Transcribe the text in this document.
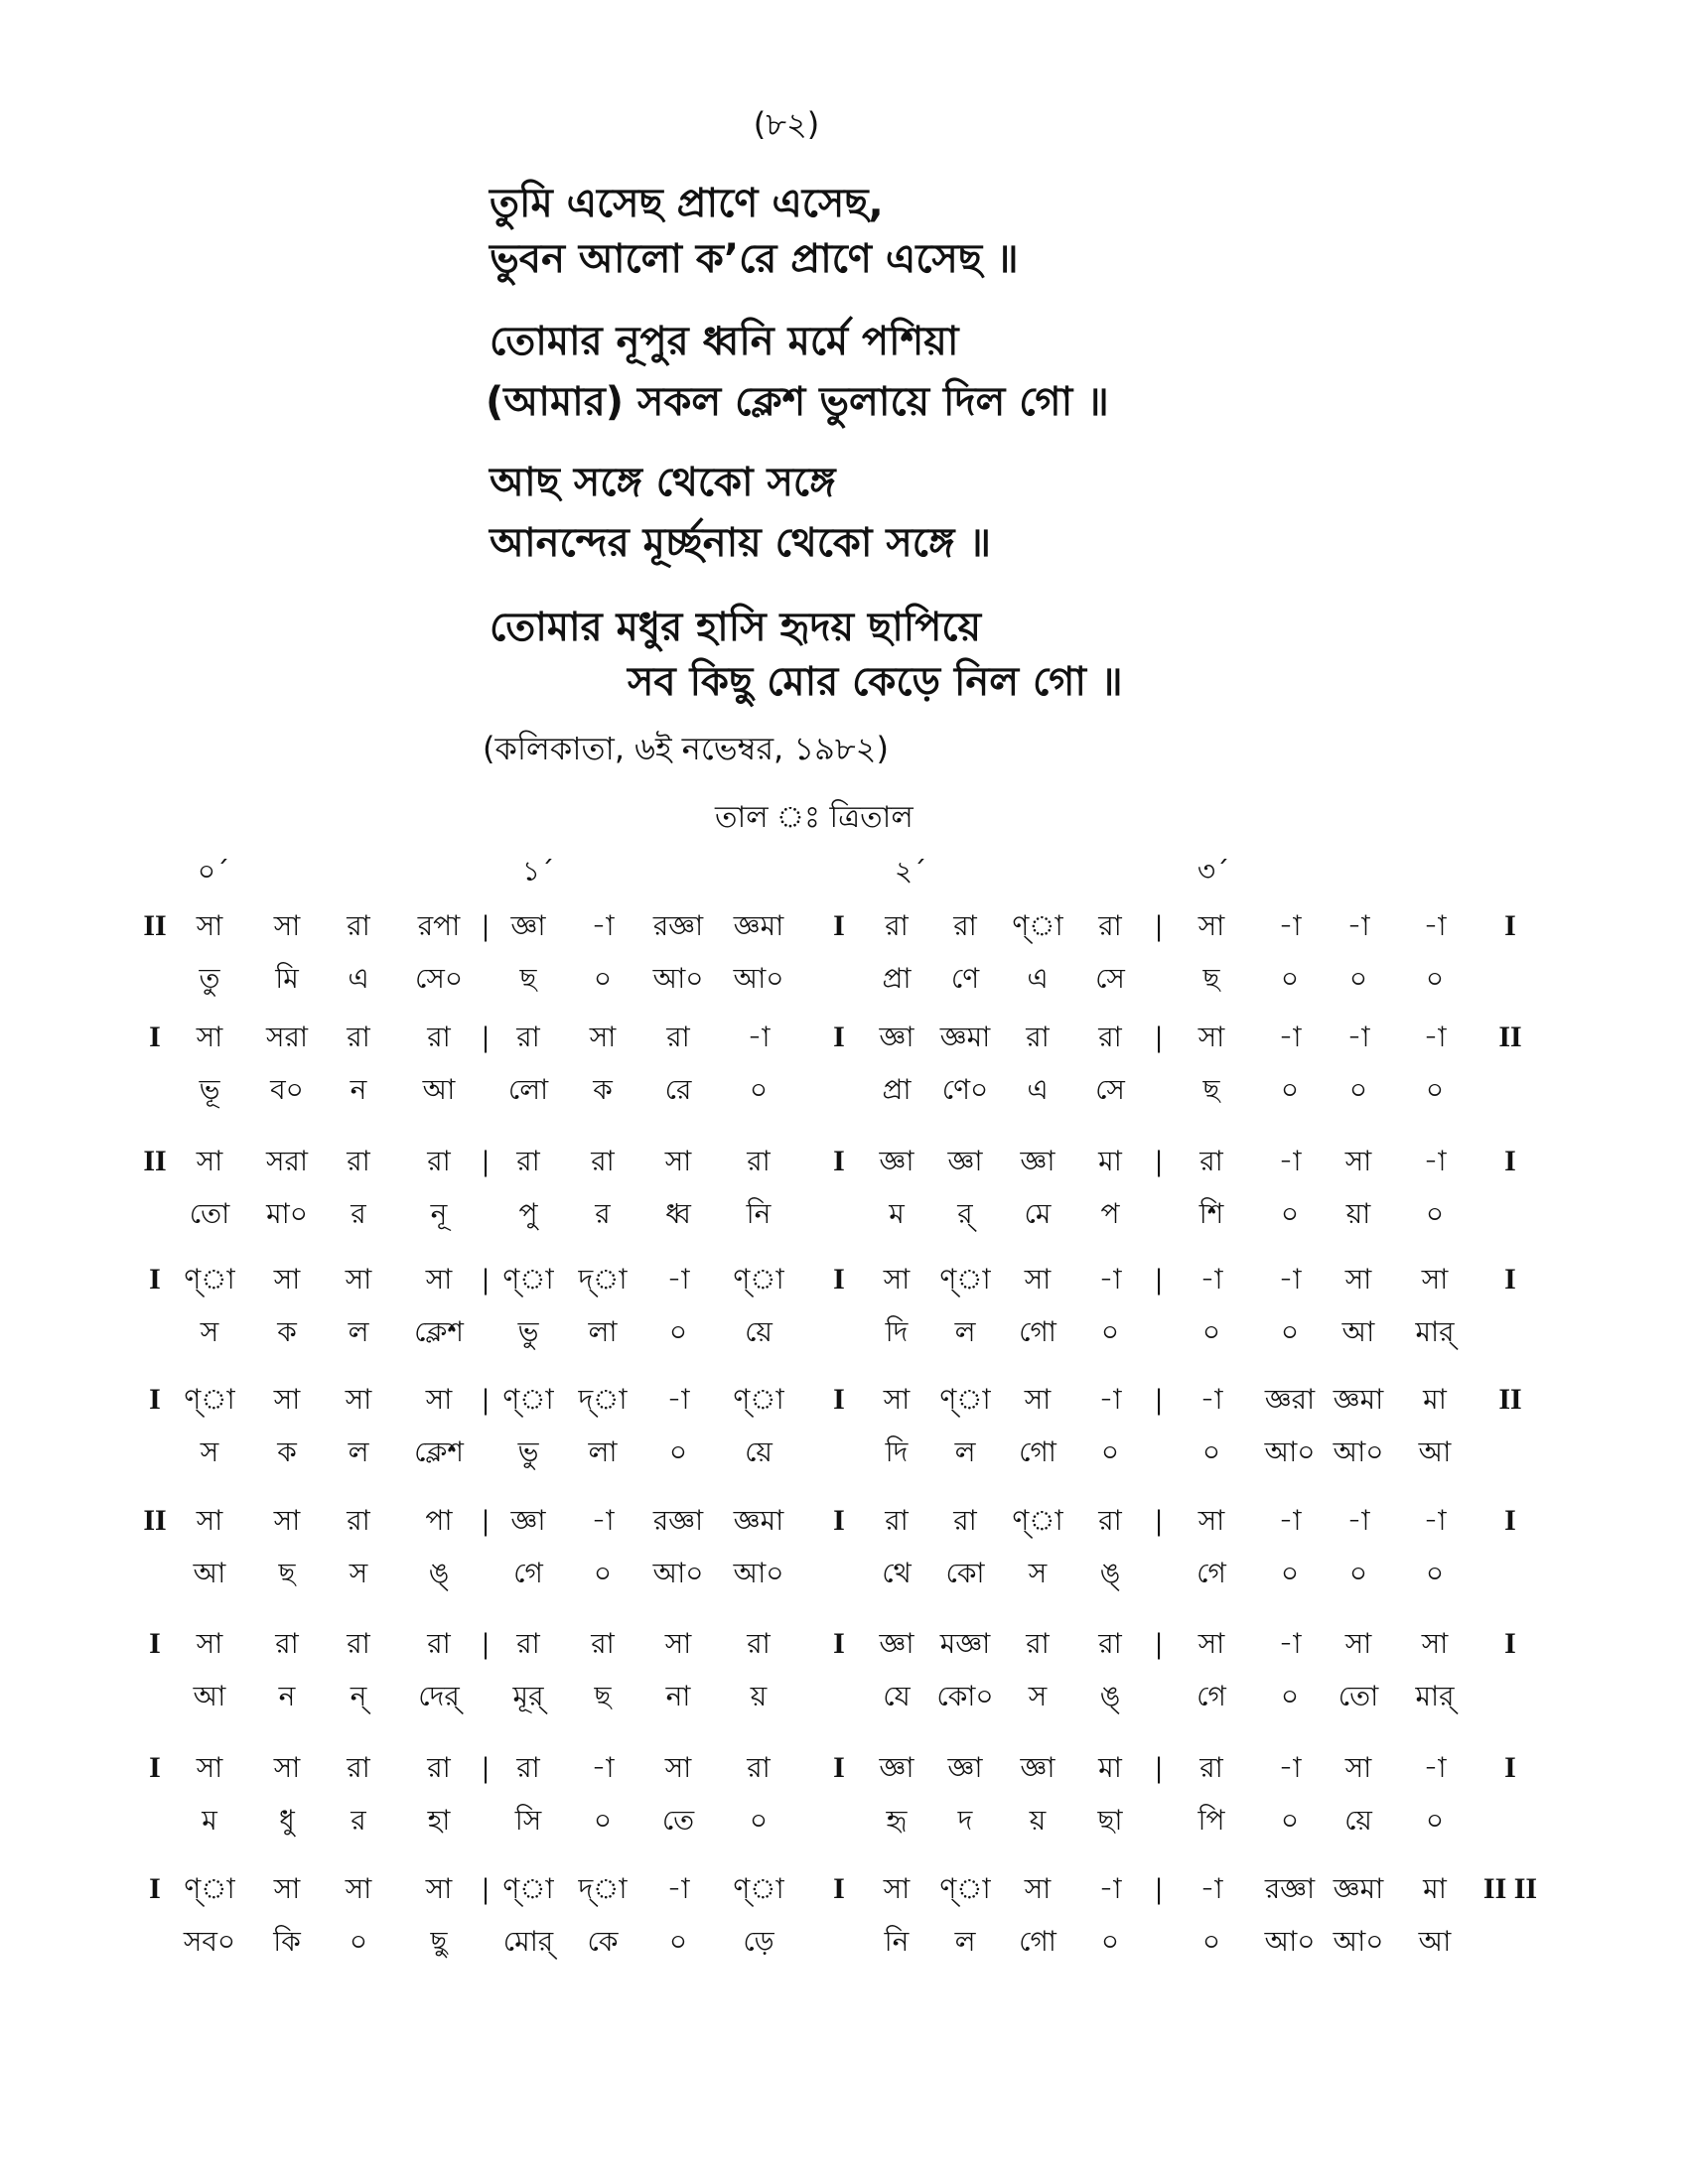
(৮২)
তুমি এসেছ প্রাণে এসেছ,
ভুবন আলো ক’রে প্রাণে এসেছ ॥
তোমার নূপুর ধ্বনি মর্মে পশিয়া
(আমার) সকল ক্লেশ ভুলায়ে দিল গো ॥
আছ সঙ্গে থেকো সঙ্গে
আনন্দের মূর্চ্ছনায় থেকো সঙ্গে ॥
তোমার মধুর হাসি হৃদয় ছাপিয়ে
সব কিছু মোর কেড়ে নিল গো ॥
(কলিকাতা, ৬ই নভেম্বর, ১৯৮২)
তাল ঃ ত্রিতাল
০´	১´	২´	৩´
II সা সা রা রপা | জ্ঞা -া রজ্ঞা জ্ঞমা I রা রা ণ্‌া রা | সা -া -া -া I
তু মি এ সে০ ছ ০ আ০ আ০	প্রা ণে এ সে	ছ ০ ০ ০
I সা সরা রা রা | রা সা রা -া I জ্ঞা জ্ঞমা রা রা | সা -া -া -া II
ভূ ব০ ন আ লো ক রে ০	প্রা ণে০ এ সে	ছ ০ ০ ০
II সা সরা রা রা | রা রা সা রা I জ্ঞা জ্ঞা জ্ঞা মা | রা -া সা -া I
তো মা০ র নূ	পু র ধ্ব নি	ম র্ মে প	শি ০ য়া ০
I ণ্‌া সা সা সা | ণ্‌া দ্‌া -া ণ্‌া I সা ণ্‌া সা -া | -া -া সা সা I
স ক ল ক্লেশ ভু লা ০ য়ে	দি ল গো ০	০ ০ আ মার্
I ণ্‌া সা সা সা | ণ্‌া দ্‌া -া ণ্‌া I সা ণ্‌া সা -া | -া জ্ঞরা জ্ঞমা মা II
স ক ল ক্লেশ ভু লা ০ য়ে	দি ল গো ০	০ আ০ আ০ আ
II সা সা রা পা | জ্ঞা -া রজ্ঞা জ্ঞমা I রা রা ণ্‌া রা | সা -া -া -া I
আ ছ স ঙ্ গে ০ আ০ আ০	থে কো স ঙ্	গে ০ ০ ০
I সা রা রা রা | রা রা সা রা I জ্ঞা মজ্ঞা রা রা | সা -া সা সা I
আ ন ন্ দের্ মূর্ ছ না য়	যে কো০ স ঙ্	গে ০ তো মার্
I সা সা রা রা | রা -া সা রা I জ্ঞা জ্ঞা জ্ঞা মা | রা -া সা -া I
ম ধু র হা সি ০ তে ০	হৃ দ য় ছা	পি ০ য়ে ০
I ণ্‌া সা সা সা | ণ্‌া দ্‌া -া ণ্‌া I সা ণ্‌া সা -া | -া রজ্ঞা জ্ঞমা মা II II
সব০ কি ০ ছু মোর্ কে ০ ড়ে	নি ল গো ০	০ আ০ আ০ আ
